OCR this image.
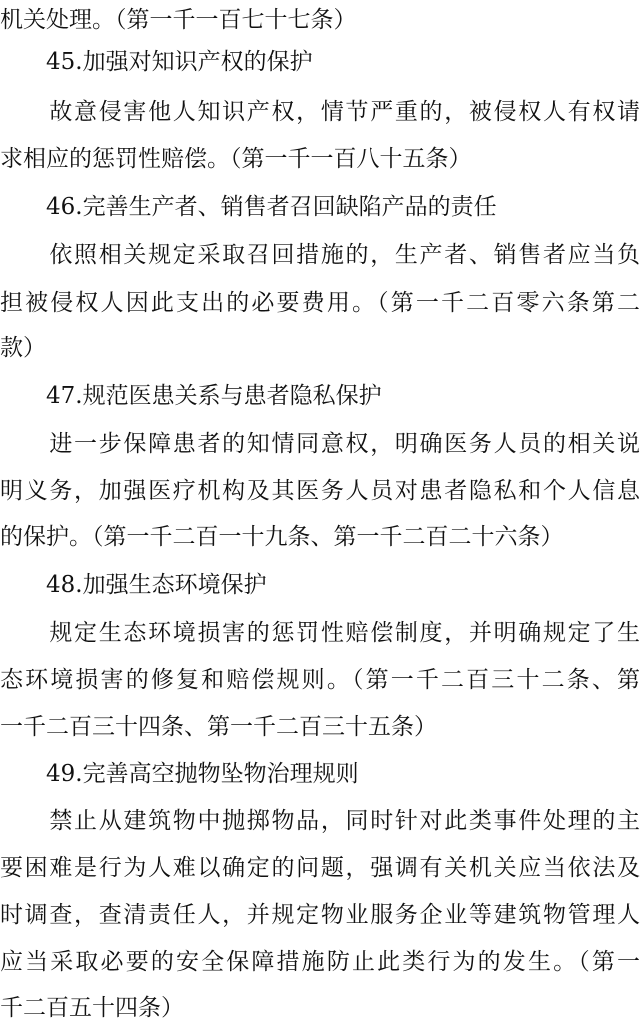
机关处理。（第一千一百七十七条）
　　45.加强对知识产权的保护
　　故意侵害他人知识产权，情节严重的，被侵权人有权请
求相应的惩罚性赔偿。（第一千一百八十五条）
　　46.完善生产者、销售者召回缺陷产品的责任
　　依照相关规定采取召回措施的，生产者、销售者应当负
担被侵权人因此支出的必要费用。（第一千二百零六条第二
款）
　　47.规范医患关系与患者隐私保护
　　进一步保障患者的知情同意权，明确医务人员的相关说
明义务，加强医疗机构及其医务人员对患者隐私和个人信息
的保护。（第一千二百一十九条、第一千二百二十六条）
　　48.加强生态环境保护
　　规定生态环境损害的惩罚性赔偿制度，并明确规定了生
态环境损害的修复和赔偿规则。（第一千二百三十二条、第
一千二百三十四条、第一千二百三十五条）
　　49.完善高空抛物坠物治理规则
　　禁止从建筑物中抛掷物品，同时针对此类事件处理的主
要困难是行为人难以确定的问题，强调有关机关应当依法及
时调查，查清责任人，并规定物业服务企业等建筑物管理人
应当采取必要的安全保障措施防止此类行为的发生。（第一
千二百五十四条）
